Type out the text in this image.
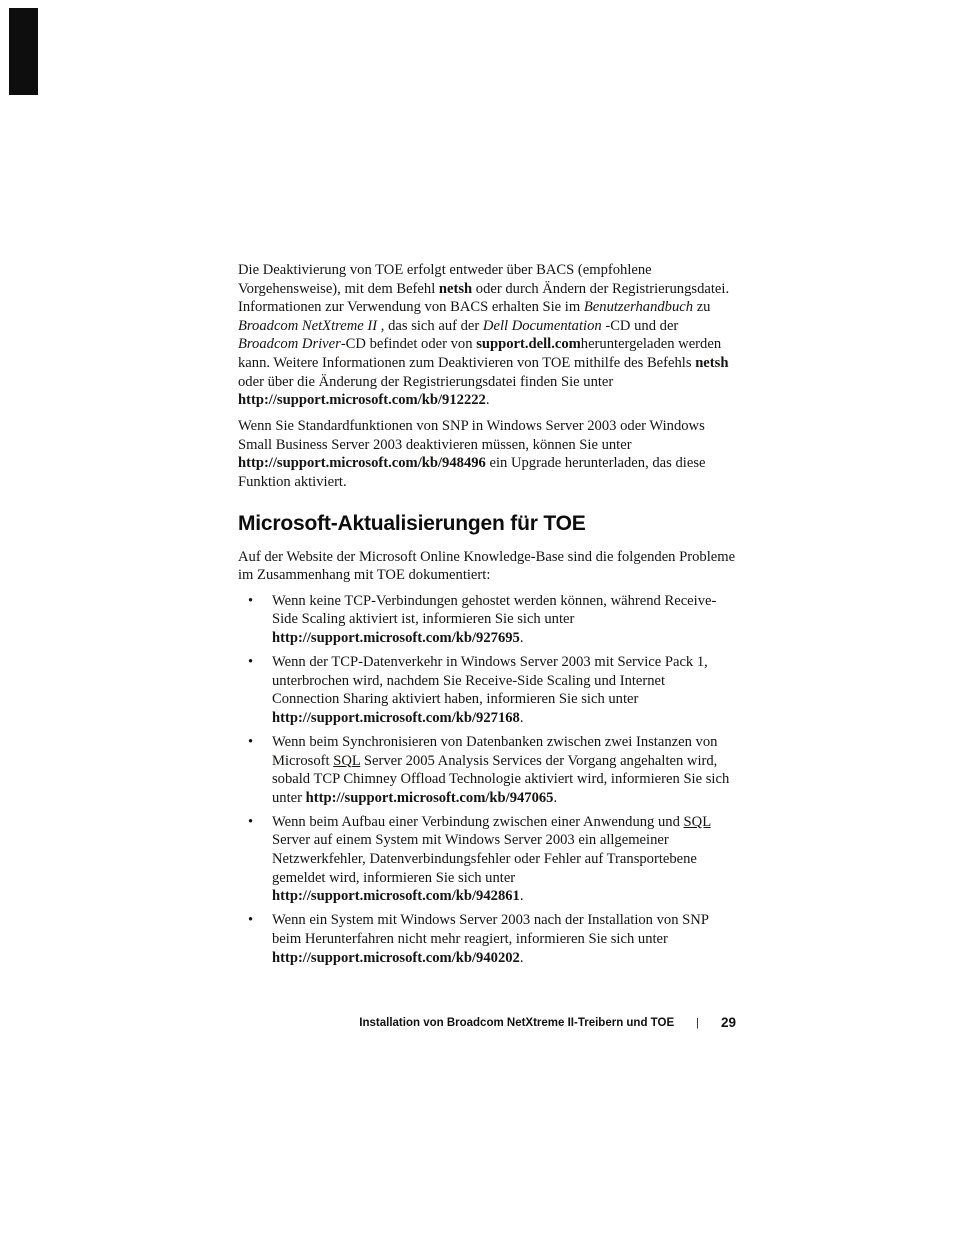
Die Deaktivierung von TOE erfolgt entweder über BACS (empfohlene Vorgehensweise), mit dem Befehl netsh oder durch Ändern der Registrierungsdatei. Informationen zur Verwendung von BACS erhalten Sie im Benutzerhandbuch zu Broadcom NetXtreme II , das sich auf der Dell Documentation -CD und der Broadcom Driver-CD befindet oder von support.dell.comheruntergeladen werden kann. Weitere Informationen zum Deaktivieren von TOE mithilfe des Befehls netsh oder über die Änderung der Registrierungsdatei finden Sie unter http://support.microsoft.com/kb/912222.

Wenn Sie Standardfunktionen von SNP in Windows Server 2003 oder Windows Small Business Server 2003 deaktivieren müssen, können Sie unter http://support.microsoft.com/kb/948496 ein Upgrade herunterladen, das diese Funktion aktiviert.

Microsoft-Aktualisierungen für TOE

Auf der Website der Microsoft Online Knowledge-Base sind die folgenden Probleme im Zusammenhang mit TOE dokumentiert:

•	Wenn keine TCP-Verbindungen gehostet werden können, während Receive-Side Scaling aktiviert ist, informieren Sie sich unter http://support.microsoft.com/kb/927695.
•	Wenn der TCP-Datenverkehr in Windows Server 2003 mit Service Pack 1, unterbrochen wird, nachdem Sie Receive-Side Scaling und Internet Connection Sharing aktiviert haben, informieren Sie sich unter http://support.microsoft.com/kb/927168.
•	Wenn beim Synchronisieren von Datenbanken zwischen zwei Instanzen von Microsoft SQL Server 2005 Analysis Services der Vorgang angehalten wird, sobald TCP Chimney Offload Technologie aktiviert wird, informieren Sie sich unter http://support.microsoft.com/kb/947065.
•	Wenn beim Aufbau einer Verbindung zwischen einer Anwendung und SQL Server auf einem System mit Windows Server 2003 ein allgemeiner Netzwerkfehler, Datenverbindungsfehler oder Fehler auf Transportebene gemeldet wird, informieren Sie sich unter http://support.microsoft.com/kb/942861.
•	Wenn ein System mit Windows Server 2003 nach der Installation von SNP beim Herunterfahren nicht mehr reagiert, informieren Sie sich unter http://support.microsoft.com/kb/940202.
Installation von Broadcom NetXtreme II-Treibern und TOE	|	29
